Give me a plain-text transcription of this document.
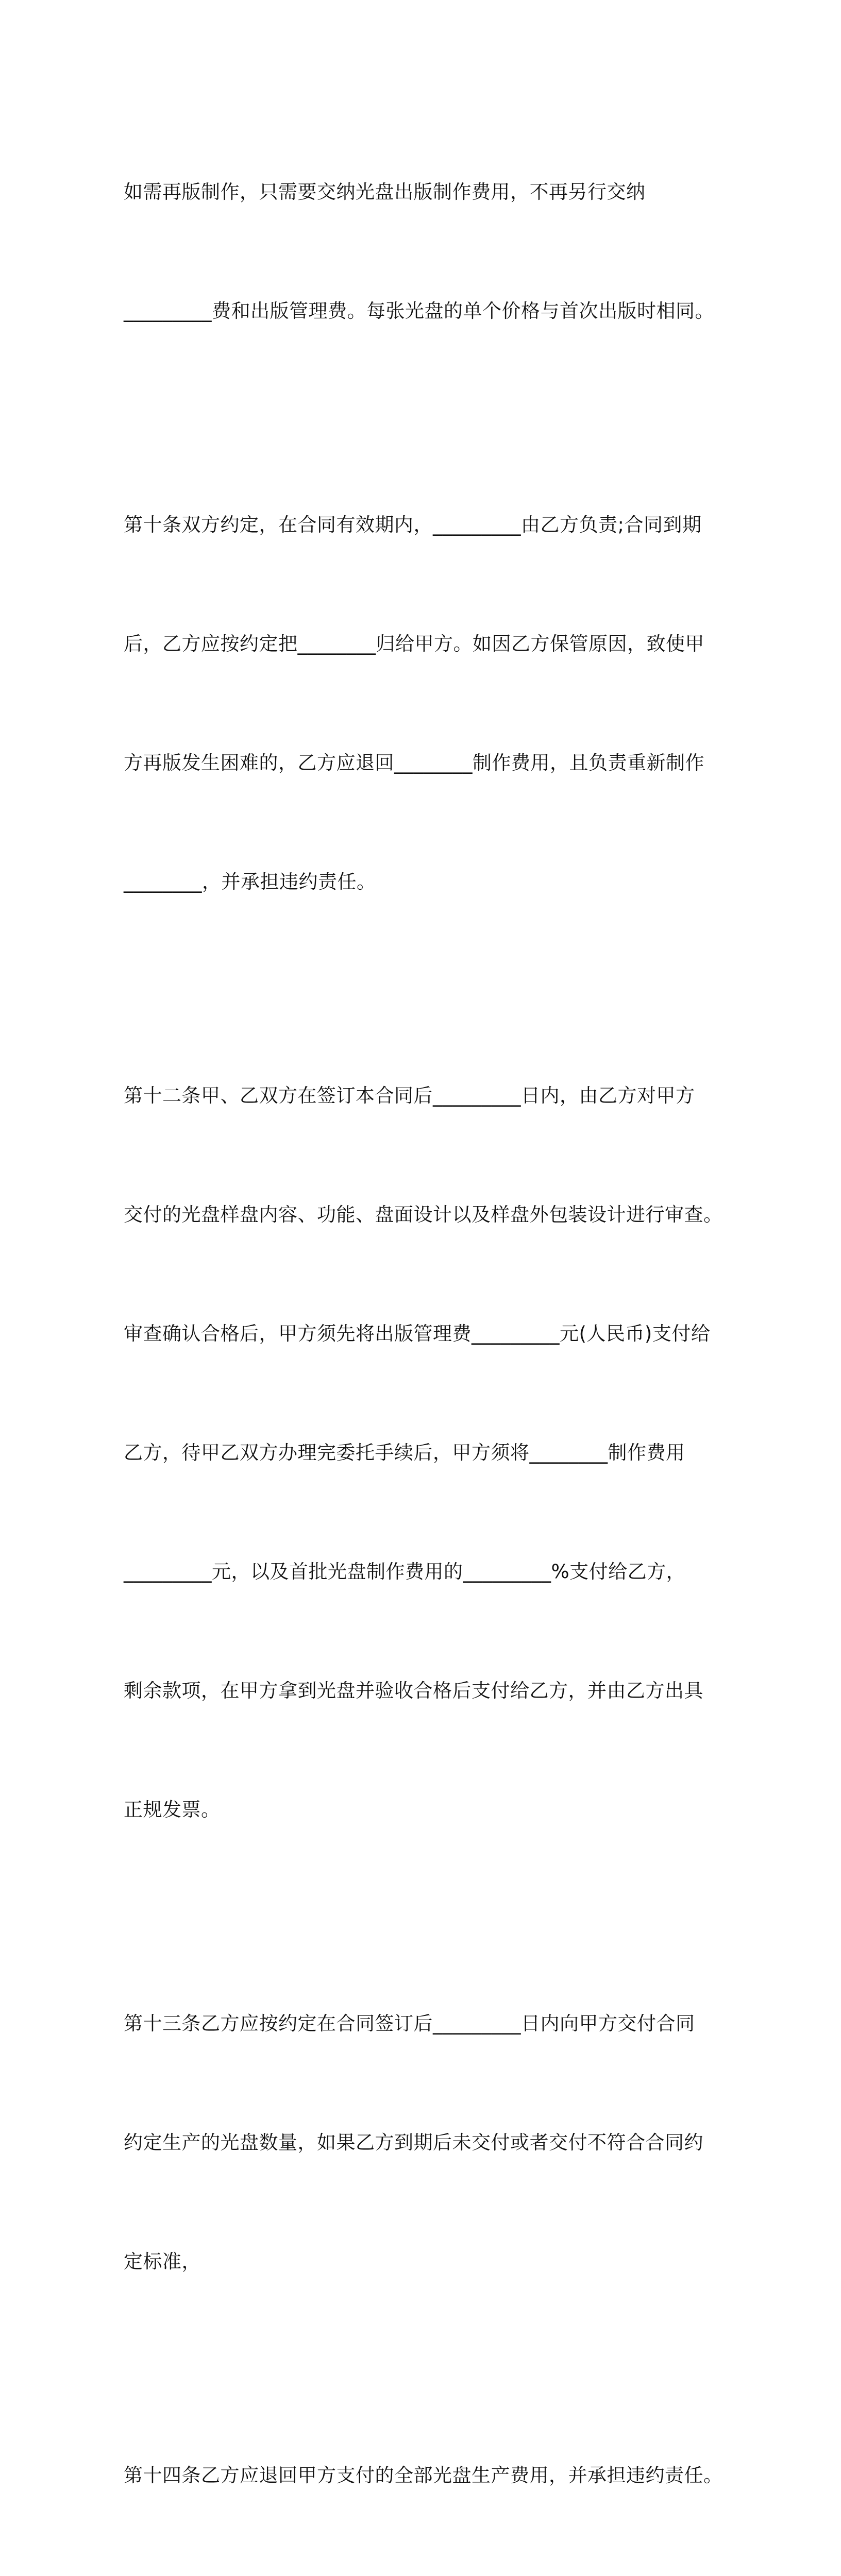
如需再版制作，只需要交纳光盘出版制作费用，不再另行交纳

_________费和出版管理费。每张光盘的单个价格与首次出版时相同。

第十条双方约定，在合同有效期内，_________由乙方负责;合同到期

后，乙方应按约定把________归给甲方。如因乙方保管原因，致使甲

方再版发生困难的，乙方应退回________制作费用，且负责重新制作

________，并承担违约责任。

第十二条甲、乙双方在签订本合同后_________日内，由乙方对甲方

交付的光盘样盘内容、功能、盘面设计以及样盘外包装设计进行审查。

审查确认合格后，甲方须先将出版管理费_________元(人民币)支付给

乙方，待甲乙双方办理完委托手续后，甲方须将________制作费用

_________元，以及首批光盘制作费用的_________%支付给乙方，

剩余款项，在甲方拿到光盘并验收合格后支付给乙方，并由乙方出具

正规发票。

第十三条乙方应按约定在合同签订后_________日内向甲方交付合同

约定生产的光盘数量，如果乙方到期后未交付或者交付不符合合同约

定标准，

第十四条乙方应退回甲方支付的全部光盘生产费用，并承担违约责任。
